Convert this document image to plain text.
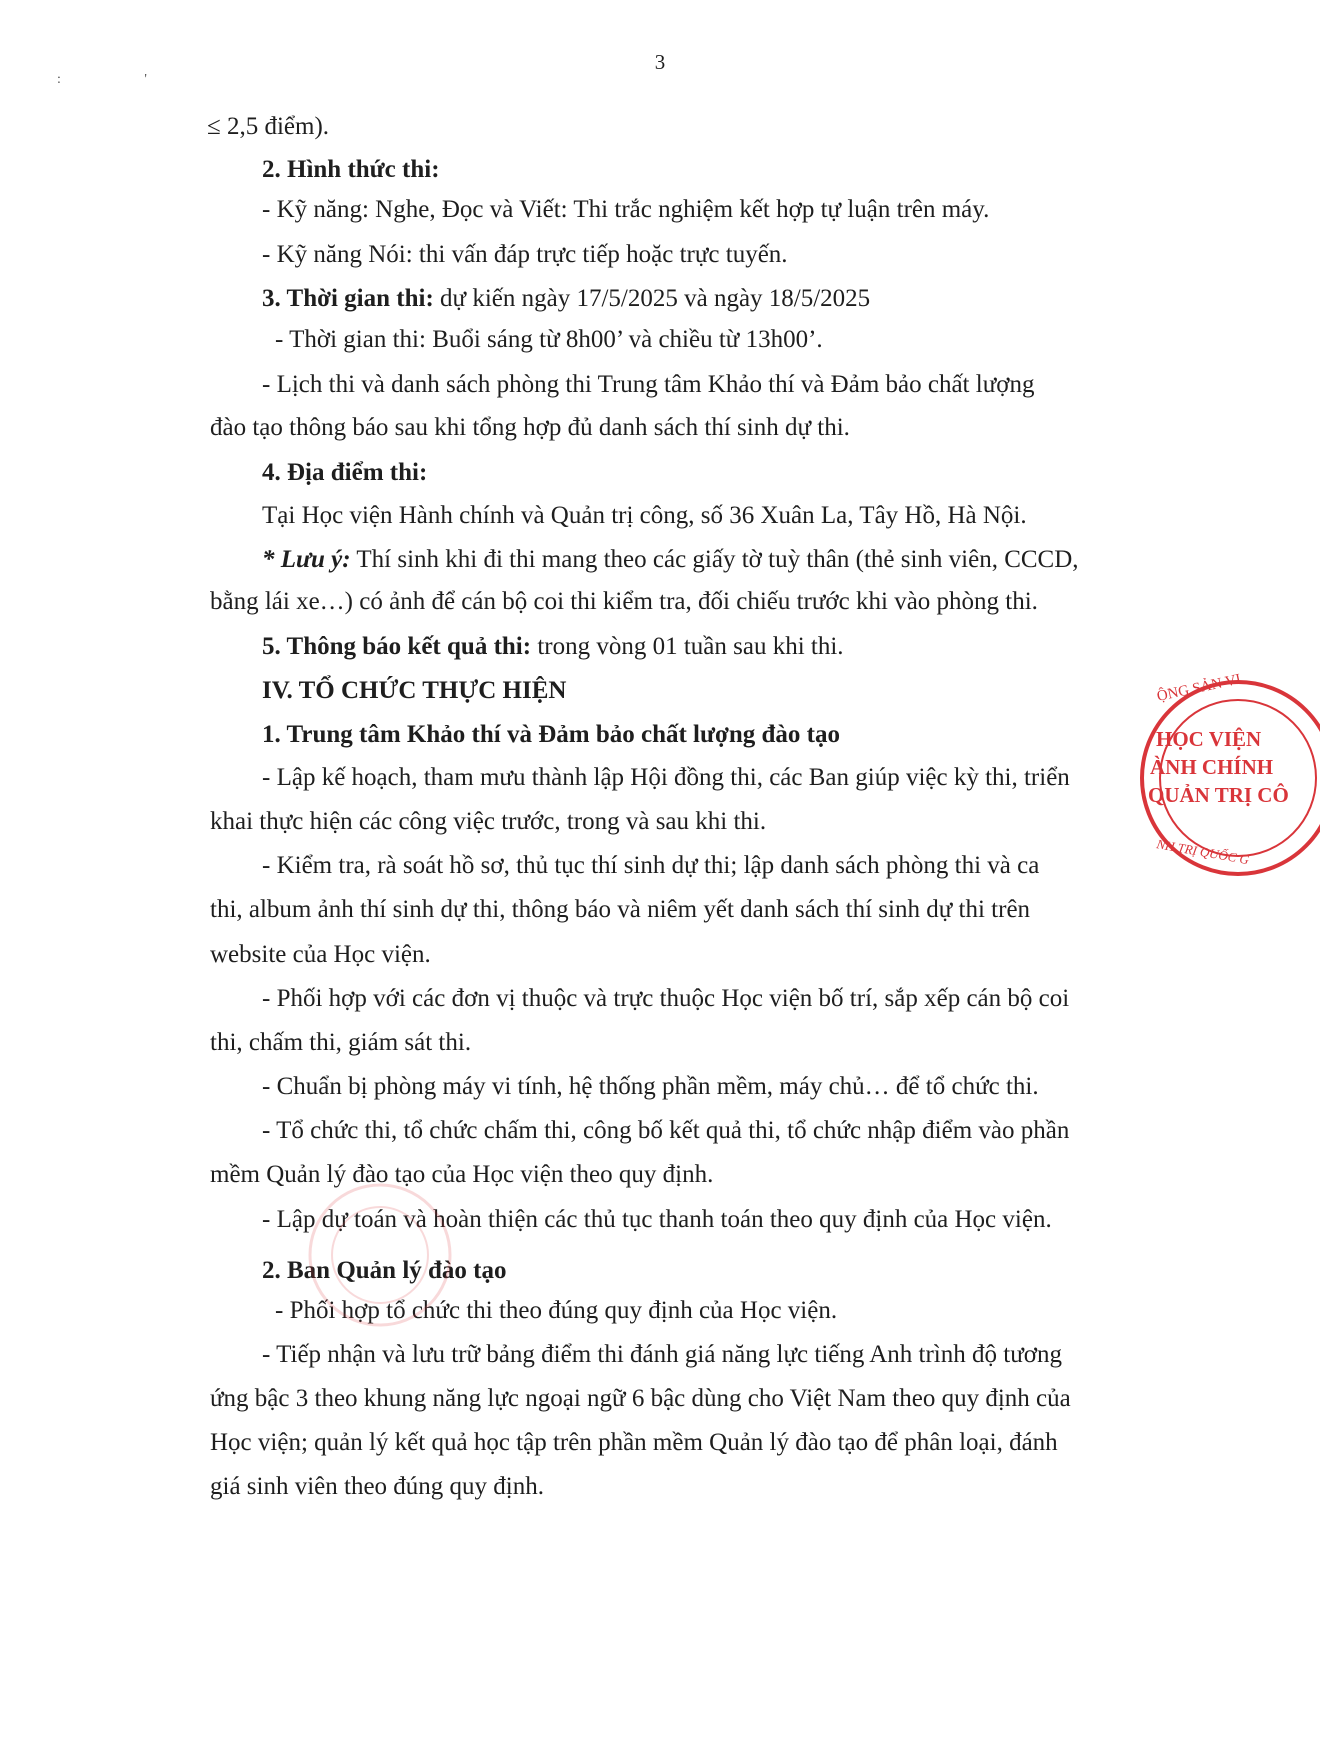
3
: '
≤ 2,5 điểm).
2. Hình thức thi:
- Kỹ năng: Nghe, Đọc và Viết: Thi trắc nghiệm kết hợp tự luận trên máy.
- Kỹ năng Nói: thi vấn đáp trực tiếp hoặc trực tuyến.
3. Thời gian thi: dự kiến ngày 17/5/2025 và ngày 18/5/2025
- Thời gian thi: Buổi sáng từ 8h00’ và chiều từ 13h00’.
- Lịch thi và danh sách phòng thi Trung tâm Khảo thí và Đảm bảo chất lượng
đào tạo thông báo sau khi tổng hợp đủ danh sách thí sinh dự thi.
4. Địa điểm thi:
Tại Học viện Hành chính và Quản trị công, số 36 Xuân La, Tây Hồ, Hà Nội.
* Lưu ý: Thí sinh khi đi thi mang theo các giấy tờ tuỳ thân (thẻ sinh viên, CCCD,
bằng lái xe…) có ảnh để cán bộ coi thi kiểm tra, đối chiếu trước khi vào phòng thi.
5. Thông báo kết quả thi: trong vòng 01 tuần sau khi thi.
IV. TỔ CHỨC THỰC HIỆN
1. Trung tâm Khảo thí và Đảm bảo chất lượng đào tạo
- Lập kế hoạch, tham mưu thành lập Hội đồng thi, các Ban giúp việc kỳ thi, triển
khai thực hiện các công việc trước, trong và sau khi thi.
- Kiểm tra, rà soát hồ sơ, thủ tục thí sinh dự thi; lập danh sách phòng thi và ca
thi, album ảnh thí sinh dự thi, thông báo và niêm yết danh sách thí sinh dự thi trên
website của Học viện.
- Phối hợp với các đơn vị thuộc và trực thuộc Học viện bố trí, sắp xếp cán bộ coi
thi, chấm thi, giám sát thi.
- Chuẩn bị phòng máy vi tính, hệ thống phần mềm, máy chủ… để tổ chức thi.
- Tổ chức thi, tổ chức chấm thi, công bố kết quả thi, tổ chức nhập điểm vào phần
mềm Quản lý đào tạo của Học viện theo quy định.
- Lập dự toán và hoàn thiện các thủ tục thanh toán theo quy định của Học viện.
2. Ban Quản lý đào tạo
- Phối hợp tổ chức thi theo đúng quy định của Học viện.
- Tiếp nhận và lưu trữ bảng điểm thi đánh giá năng lực tiếng Anh trình độ tương
ứng bậc 3 theo khung năng lực ngoại ngữ 6 bậc dùng cho Việt Nam theo quy định của
Học viện; quản lý kết quả học tập trên phần mềm Quản lý đào tạo để phân loại, đánh
giá sinh viên theo đúng quy định.
ỘNG SẢN VI
HỌC VIỆN
ÀNH CHÍNH
QUẢN TRỊ CÔ
NH TRỊ QUỐC G
